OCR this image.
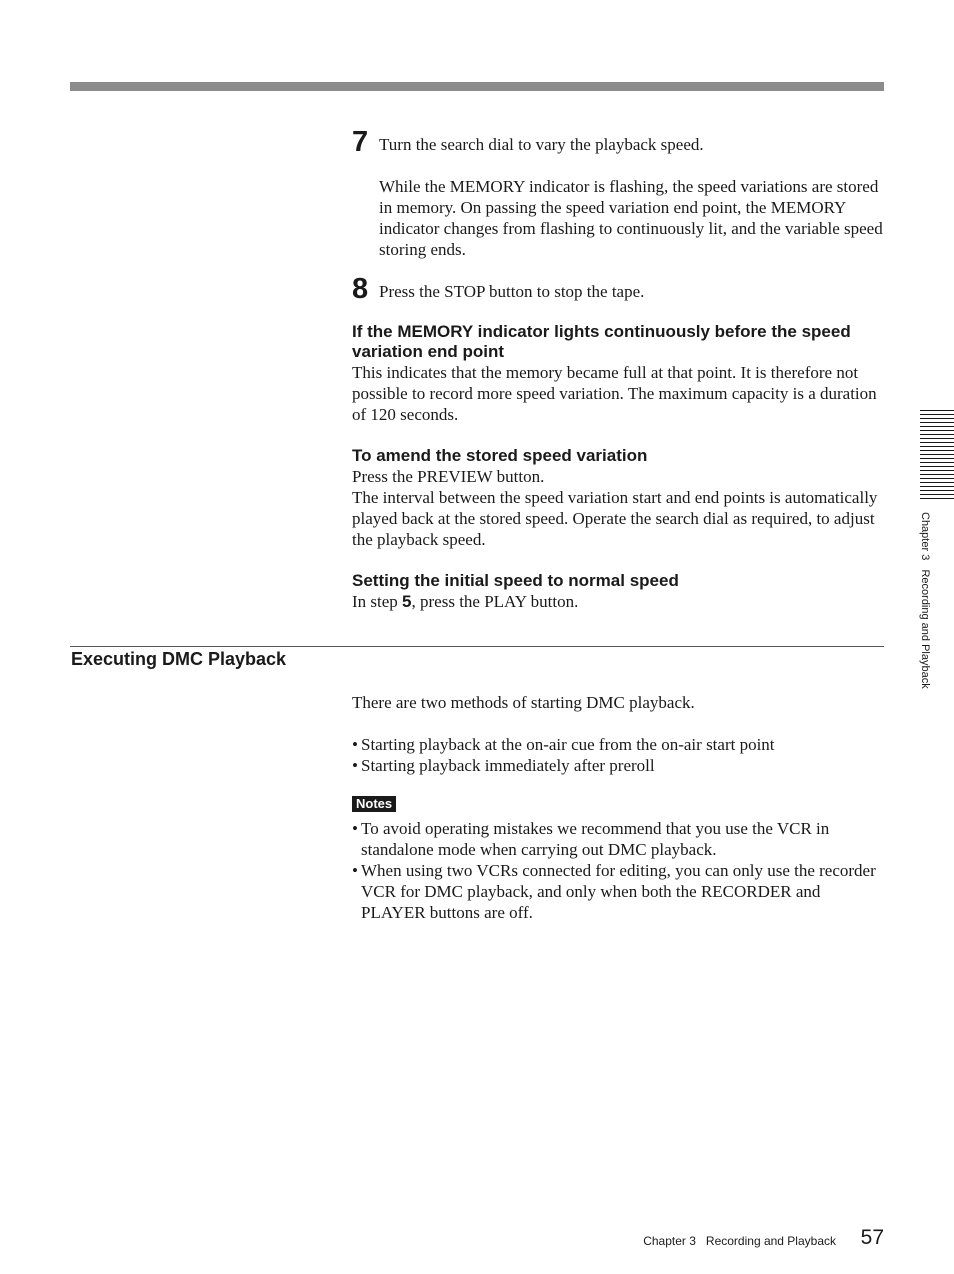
7 Turn the search dial to vary the playback speed.

While the MEMORY indicator is flashing, the speed variations are stored in memory. On passing the speed variation end point, the MEMORY indicator changes from flashing to continuously lit, and the variable speed storing ends.

8 Press the STOP button to stop the tape.

If the MEMORY indicator lights continuously before the speed variation end point

This indicates that the memory became full at that point. It is therefore not possible to record more speed variation. The maximum capacity is a duration of 120 seconds.

To amend the stored speed variation

Press the PREVIEW button.

The interval between the speed variation start and end points is automatically played back at the stored speed. Operate the search dial as required, to adjust the playback speed.

Setting the initial speed to normal speed

In step 5, press the PLAY button.

Executing DMC Playback

There are two methods of starting DMC playback.

• Starting playback at the on-air cue from the on-air start point
• Starting playback immediately after preroll
Notes
• To avoid operating mistakes we recommend that you use the VCR in standalone mode when carrying out DMC playback.
• When using two VCRs connected for editing, you can only use the recorder VCR for DMC playback, and only when both the RECORDER and PLAYER buttons are off.
Chapter 3   Recording and Playback
Chapter 3   Recording and Playback 57
